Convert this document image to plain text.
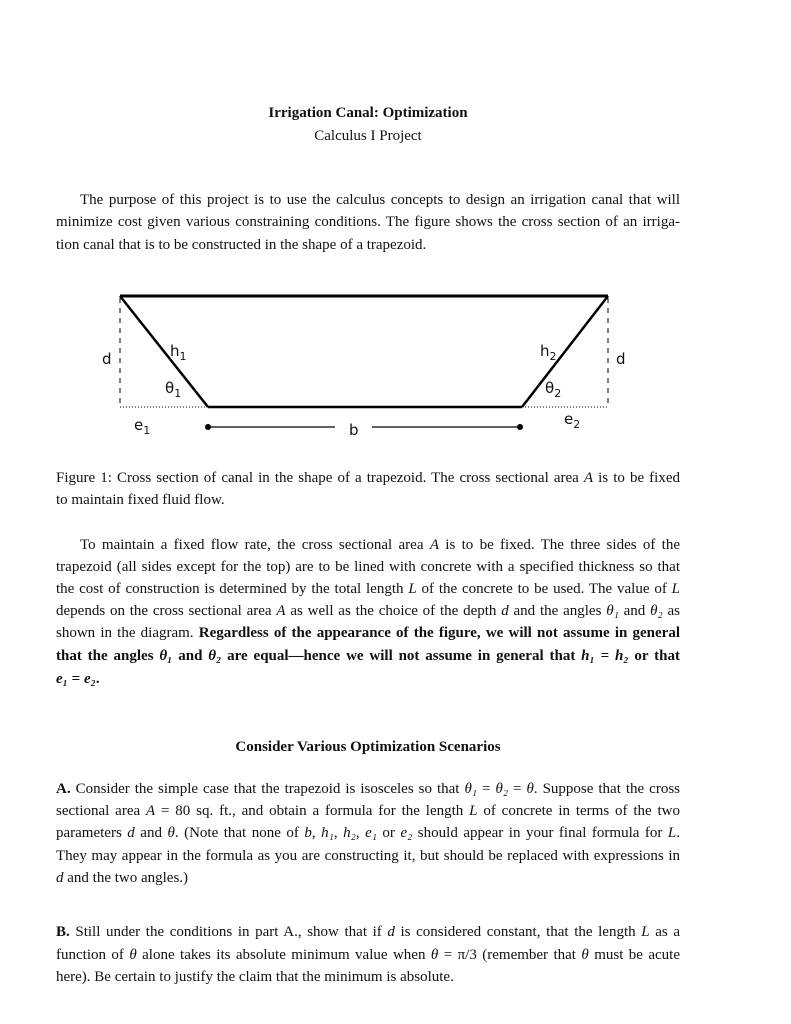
Irrigation Canal: Optimization
Calculus I Project
d	d
$h_1$	$h_2$
$\theta_1$	$\theta_2$
$e_1$
$e_2$
b
Consider Various Optimization Scenarios
The purpose of this project is to use the calculus concepts to design an irrigation canal that will
minimize cost given various constraining conditions. The figure shows the cross section of an irriga-
tion canal that is to be constructed in the shape of a trapezoid.
Figure 1: Cross section of canal in the shape of a trapezoid. The cross sectional area A is to be fixed
to maintain fixed fluid flow.
To maintain a fixed flow rate, the cross sectional area A is to be fixed. The three sides of the
trapezoid (all sides except for the top) are to be lined with concrete with a specified thickness so that
the cost of construction is determined by the total length L of the concrete to be used. The value of L
depends on the cross sectional area A as well as the choice of the depth d and the angles θ₁ and θ₂ as
shown in the diagram. Regardless of the appearance of the figure, we will not assume in general
that the angles θ₁ and θ₂ are equal—hence we will not assume in general that h₁ = h₂ or that
e₁ = e₂.
A. Consider the simple case that the trapezoid is isosceles so that θ₁ = θ₂ = θ. Suppose that the cross
sectional area A = 80 sq. ft., and obtain a formula for the length L of concrete in terms of the two
parameters d and θ. (Note that none of b, h₁, h₂, e₁ or e₂ should appear in your final formula for L.
They may appear in the formula as you are constructing it, but should be replaced with expressions in
d and the two angles.)
B. Still under the conditions in part A., show that if d is considered constant, that the length L as a
function of θ alone takes its absolute minimum value when θ = π/3 (remember that θ must be acute
here). Be certain to justify the claim that the minimum is absolute.
